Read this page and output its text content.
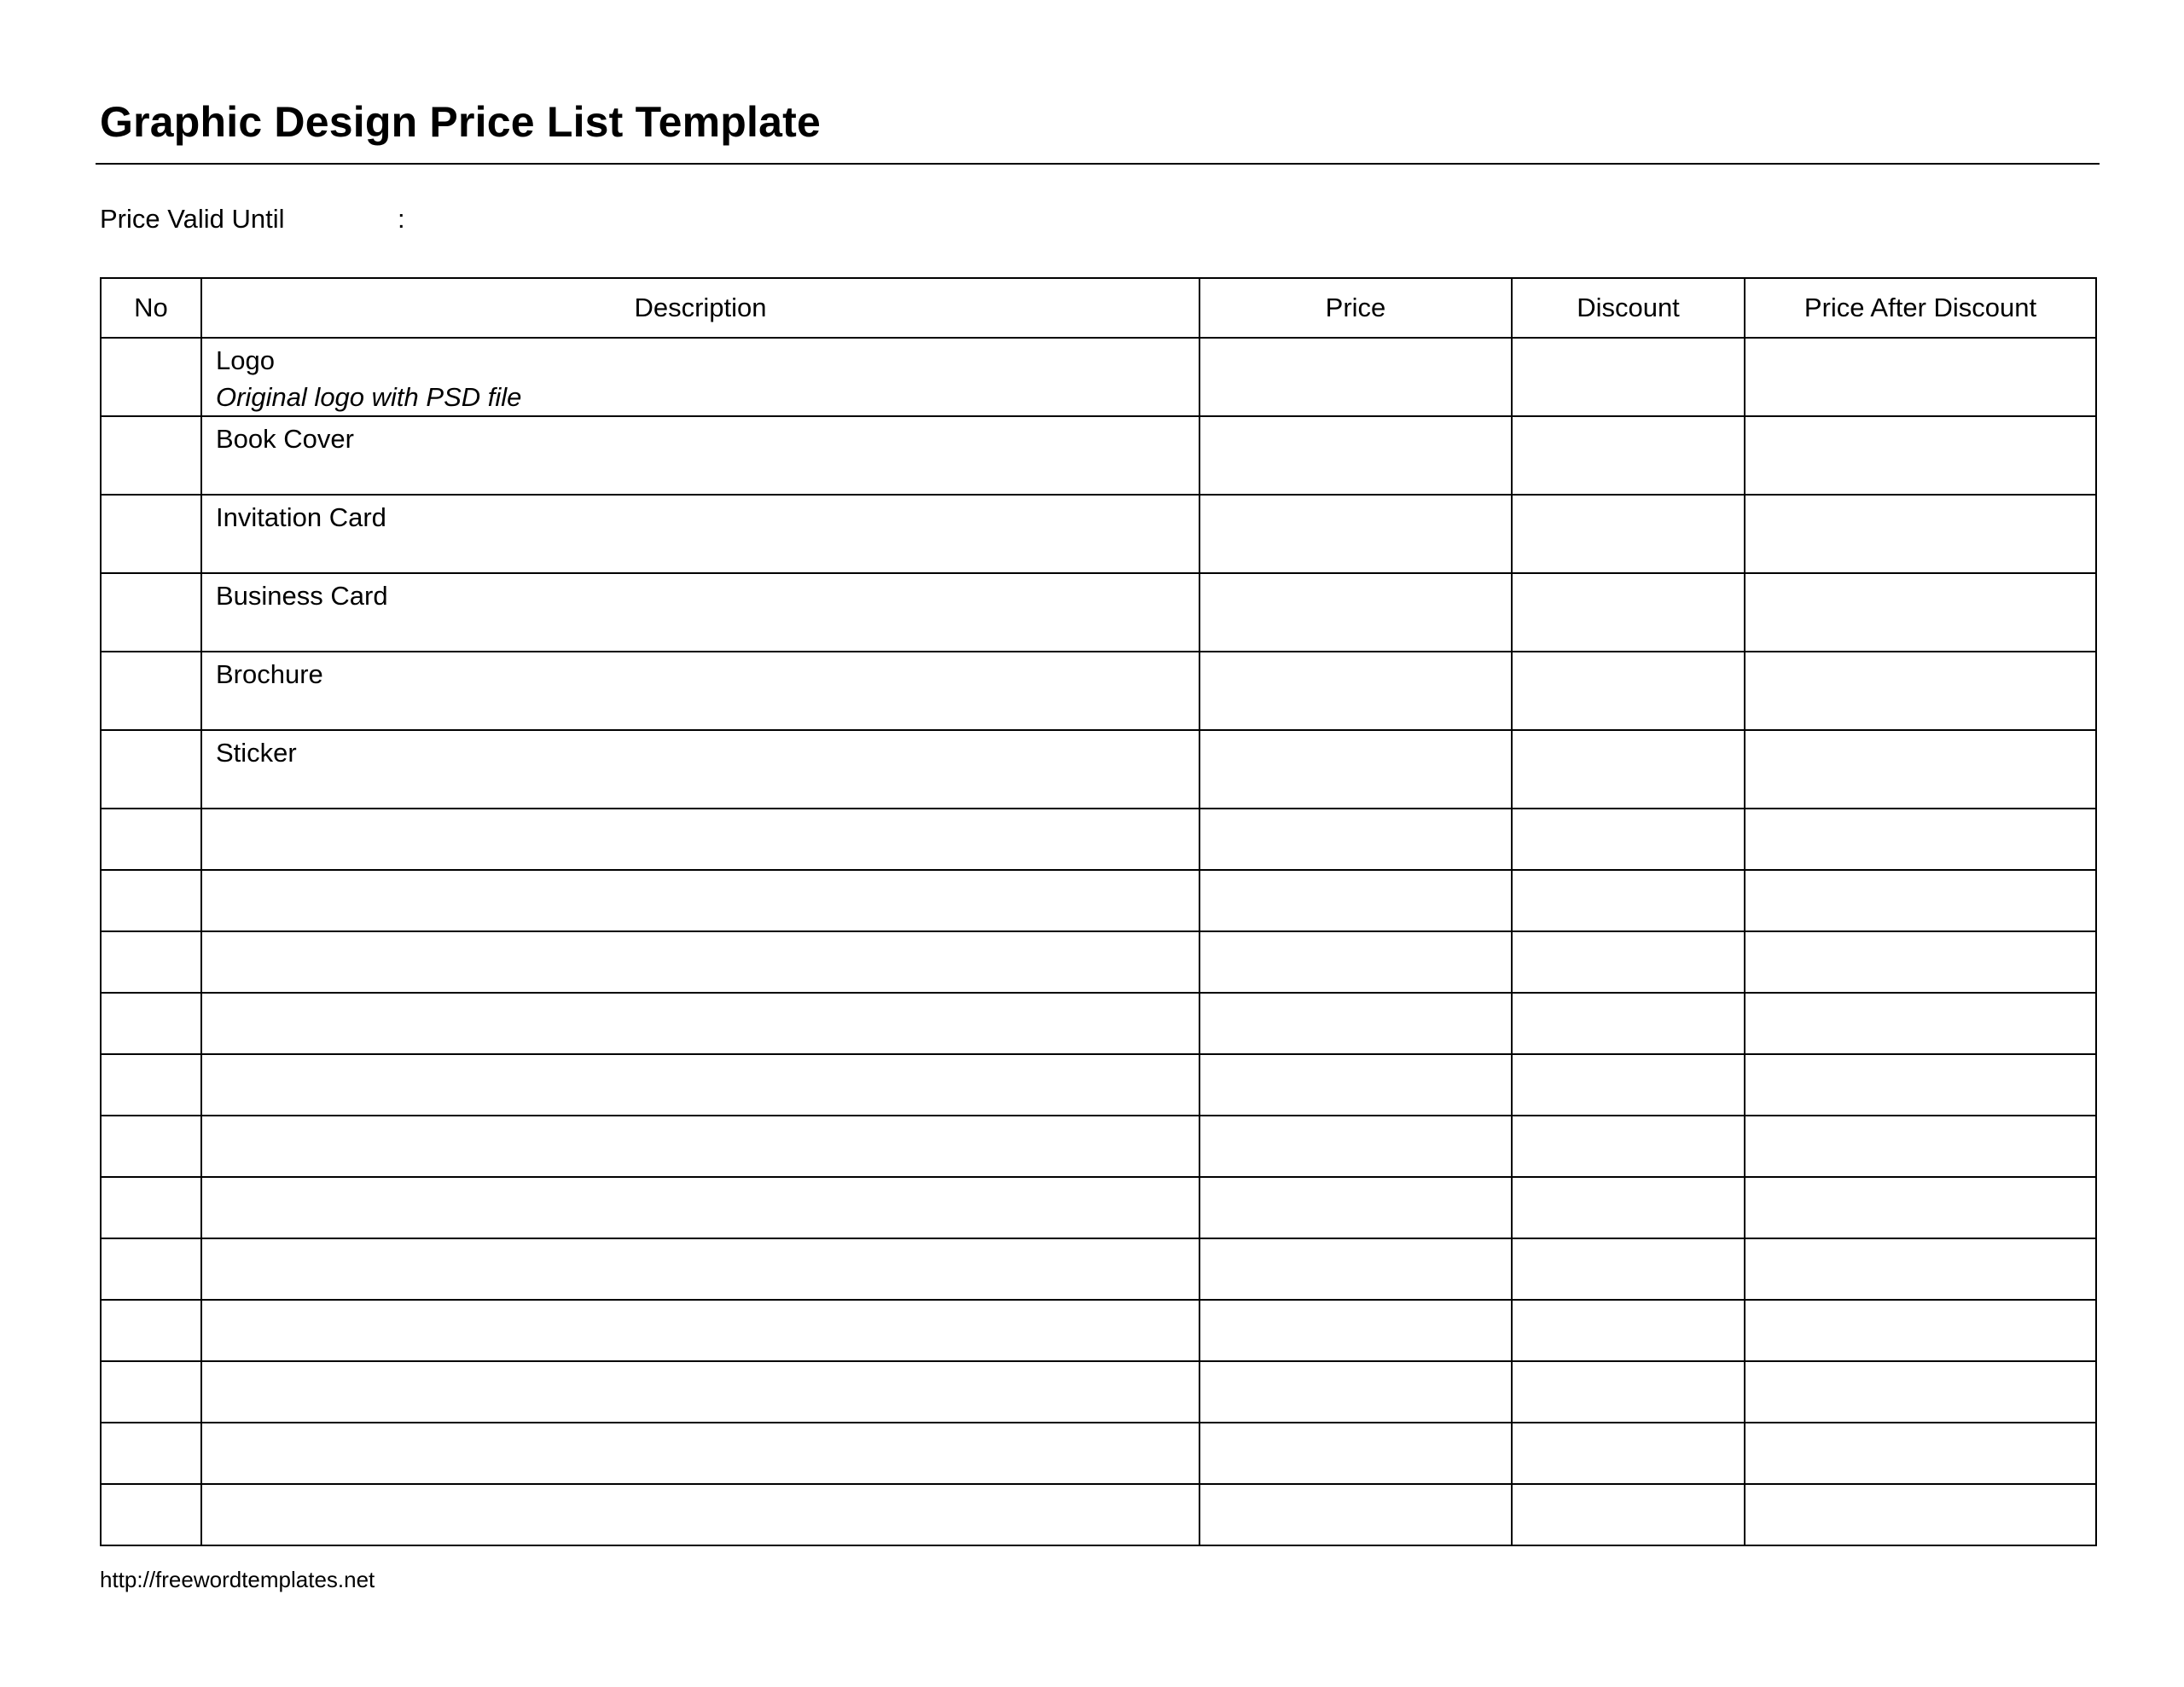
Graphic Design Price List Template
Price Valid Until	:
No	Description	Price	Discount	Price After Discount

	Logo
Original logo with PSD file			

	Book Cover			

	Invitation Card			

	Business Card			

	Brochure			

	Sticker			

http://freewordtemplates.net
